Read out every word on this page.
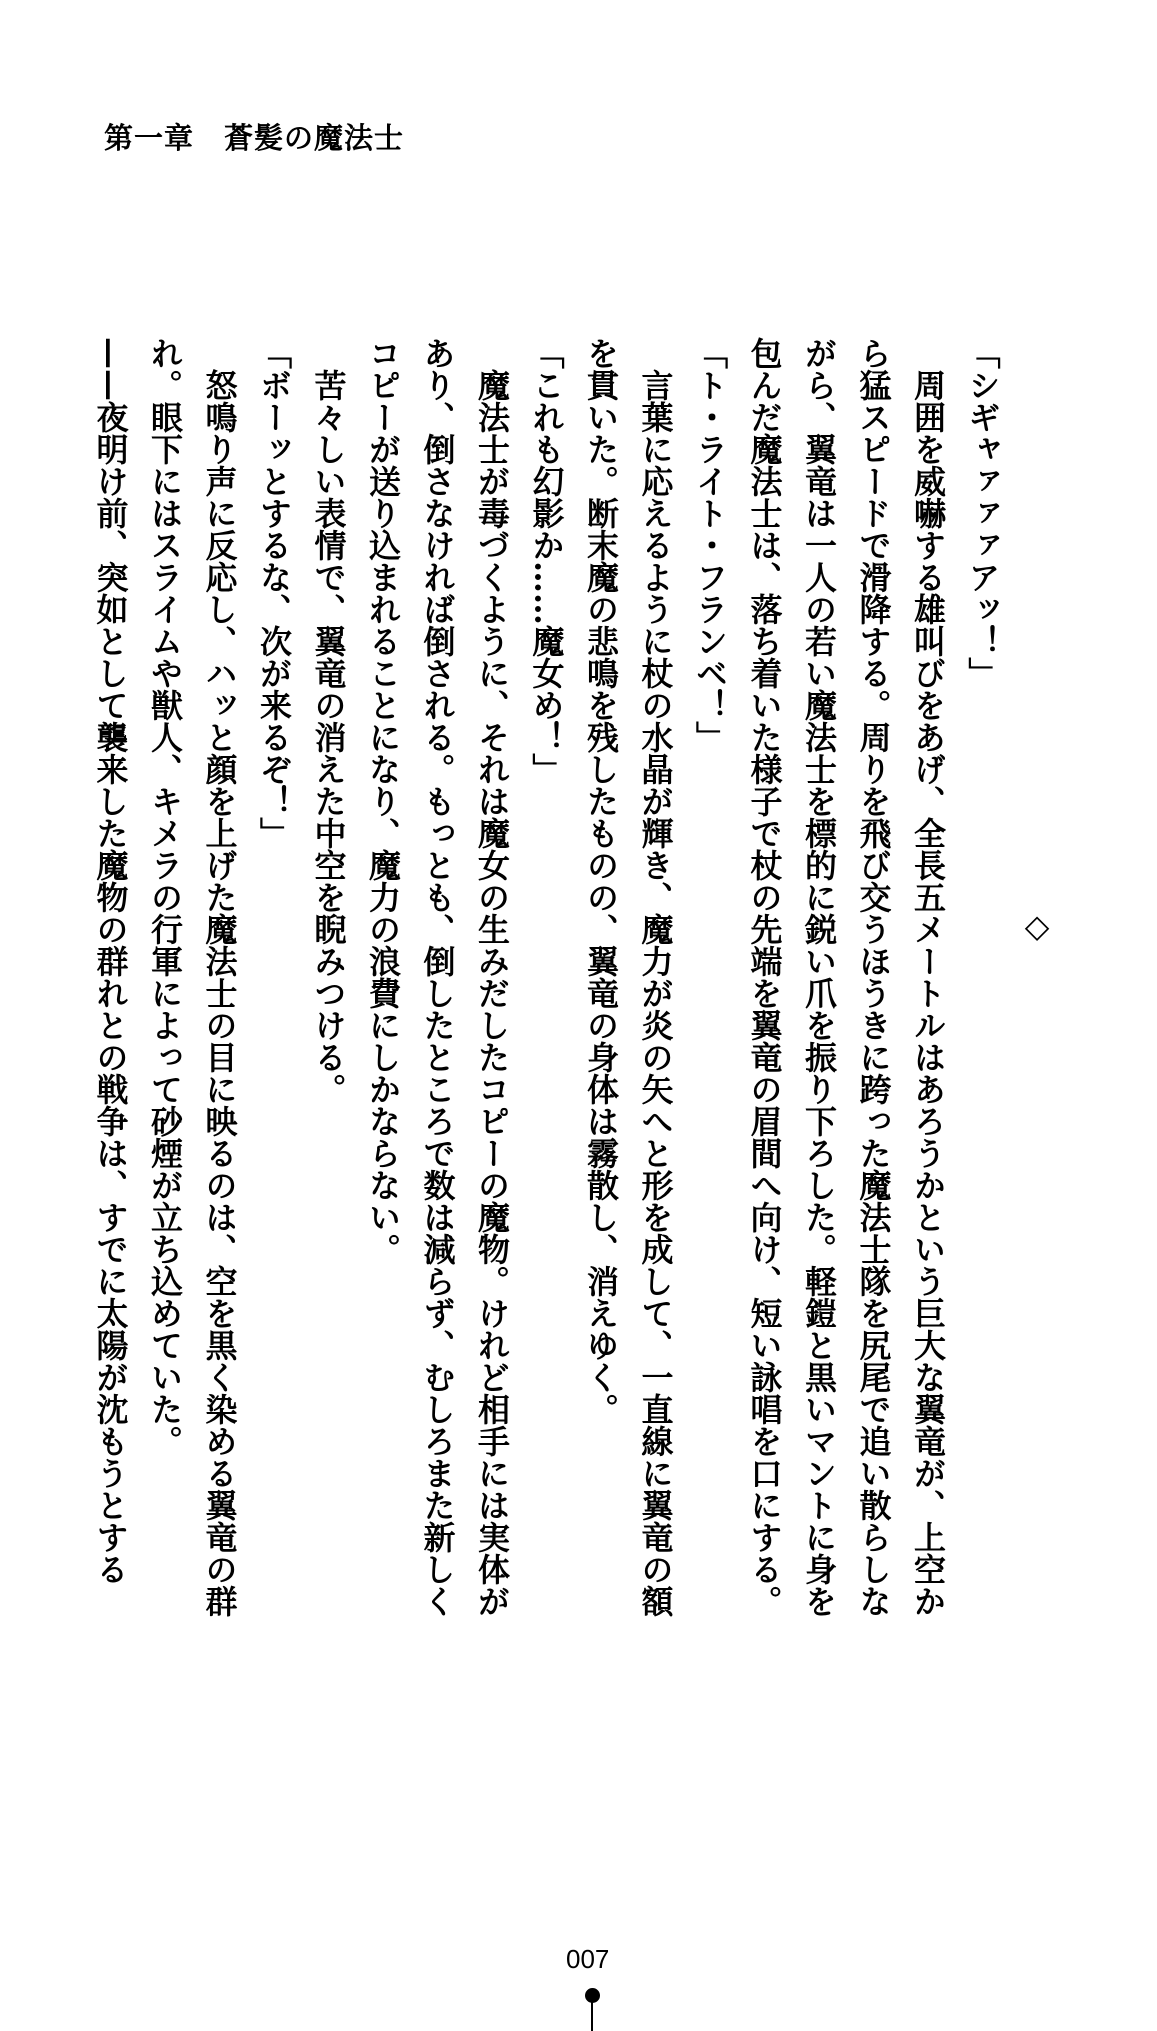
第一章　蒼髪の魔法士
◇
「シギャァァァアッ！」
周囲を威嚇する雄叫びをあげ、全長五メートルはあろうかという巨大な翼竜が、上空か
ら猛スピードで滑降する。周りを飛び交うほうきに跨った魔法士隊を尻尾で追い散らしな
がら、翼竜は一人の若い魔法士を標的に鋭い爪を振り下ろした。軽鎧と黒いマントに身を
包んだ魔法士は、落ち着いた様子で杖の先端を翼竜の眉間へ向け、短い詠唱を口にする。
「ト・ライト・フランベ！」
言葉に応えるように杖の水晶が輝き、魔力が炎の矢へと形を成して、一直線に翼竜の額
を貫いた。断末魔の悲鳴を残したものの、翼竜の身体は霧散し、消えゆく。
「これも幻影か……魔女め！」
魔法士が毒づくように、それは魔女の生みだしたコピーの魔物。けれど相手には実体が
あり、倒さなければ倒される。もっとも、倒したところで数は減らず、むしろまた新しく
コピーが送り込まれることになり、魔力の浪費にしかならない。
苦々しい表情で、翼竜の消えた中空を睨みつける。
「ボーッとするな、次が来るぞ！」
怒鳴り声に反応し、ハッと顔を上げた魔法士の目に映るのは、空を黒く染める翼竜の群
れ。眼下にはスライムや獣人、キメラの行軍によって砂煙が立ち込めていた。
——夜明け前、突如として襲来した魔物の群れとの戦争は、すでに太陽が沈もうとする
007
